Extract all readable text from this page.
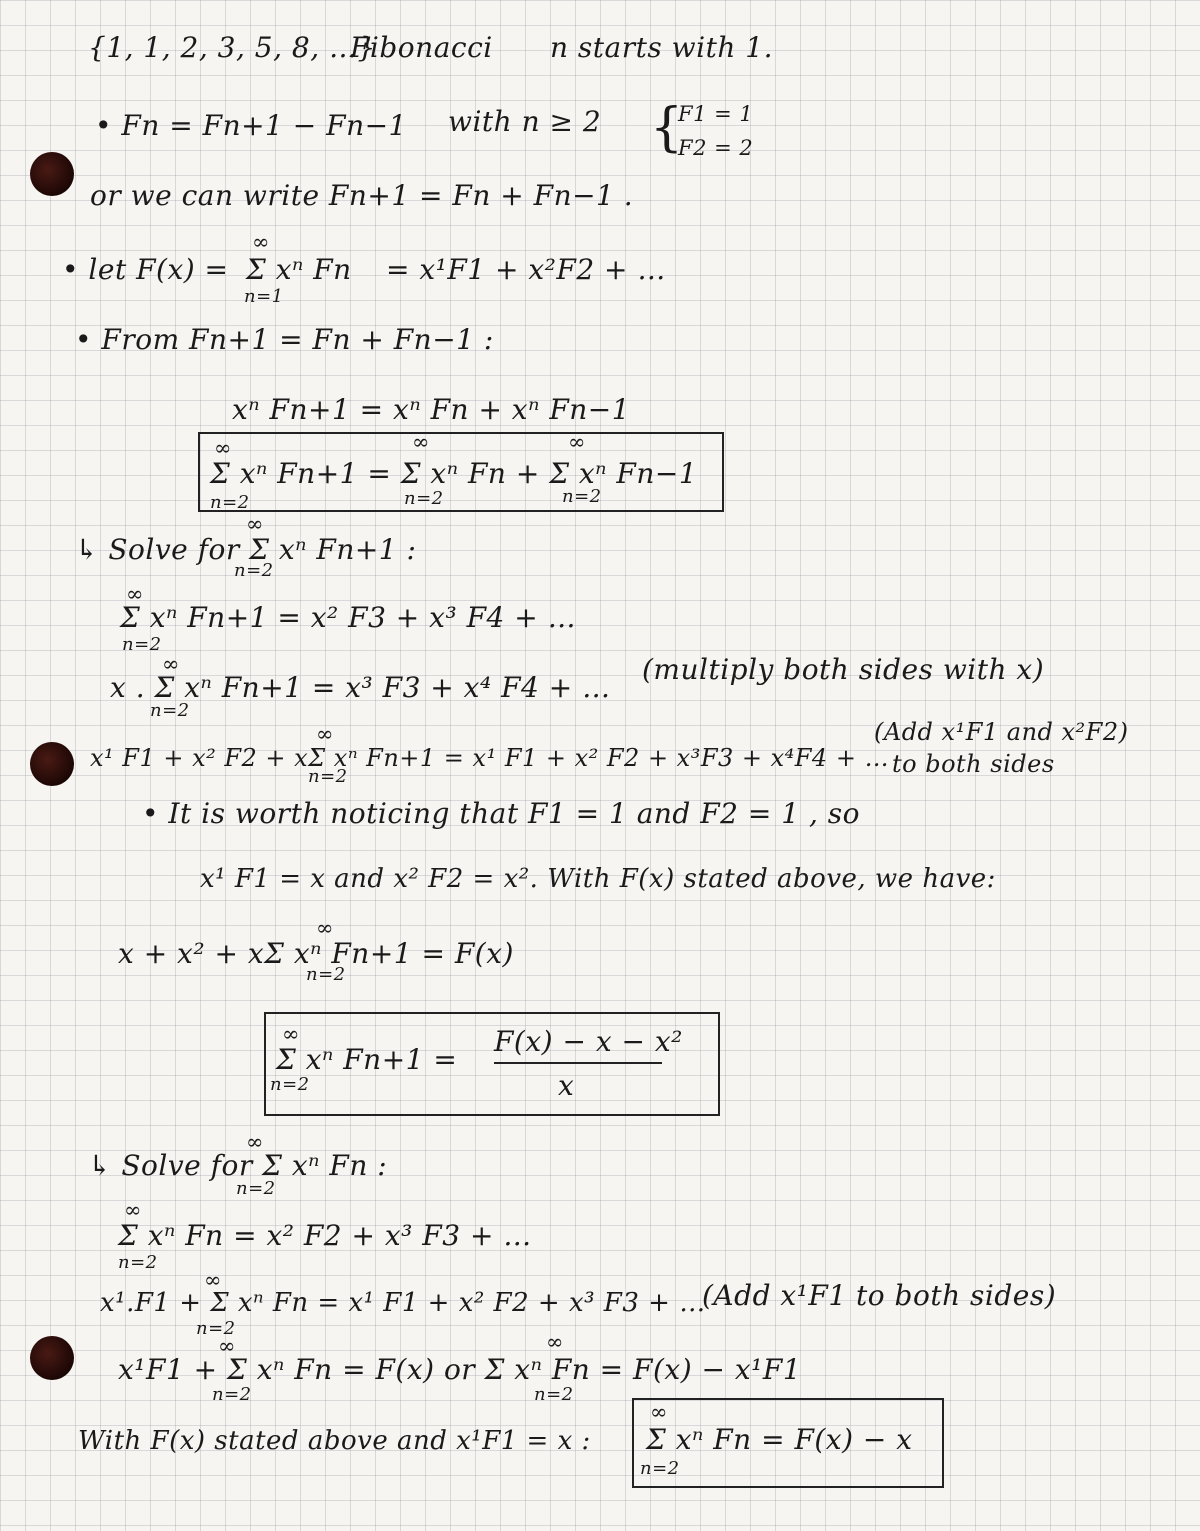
{1, 1, 2, 3, 5, 8, …}
Fibonacci n starts with 1.
• Fn = Fn+1 − Fn−1 with n ≥ 2 {
F1 = 1
F2 = 2
or we can write Fn+1 = Fn + Fn−1 .
• let F(x) =
∞
Σ xⁿ Fn
n=1
= x¹F1 + x²F2 + …
• From Fn+1 = Fn + Fn−1 :
xⁿ Fn+1 = xⁿ Fn + xⁿ Fn−1
∞	∞	∞
Σ xⁿ Fn+1 = Σ xⁿ Fn + Σ xⁿ Fn−1
n=2	n=2	n=2
∞
↳ Solve for Σ xⁿ Fn+1 :
n=2
∞
Σ xⁿ Fn+1 = x² F3 + x³ F4 + …
n=2
∞
x . Σ xⁿ Fn+1 = x³ F3 + x⁴ F4 + …
n=2
(multiply both sides with x)
∞
x¹ F1 + x² F2 + xΣ xⁿ Fn+1 = x¹ F1 + x² F2 + x³F3 + x⁴F4 + …
n=2
(Add x¹F1 and x²F2)
to both sides
• It is worth noticing that F1 = 1 and F2 = 1 , so
x¹ F1 = x and x² F2 = x². With F(x) stated above, we have:
∞
x + x² + xΣ xⁿ Fn+1 = F(x)
n=2
∞
Σ xⁿ Fn+1 =
n=2
F(x) − x − x²
x
∞
↳ Solve for Σ xⁿ Fn :
n=2
∞
Σ xⁿ Fn = x² F2 + x³ F3 + …
n=2
∞
x¹.F1 + Σ xⁿ Fn = x¹ F1 + x² F2 + x³ F3 + …
n=2
(Add x¹F1 to both sides)
∞
x¹F1 + Σ xⁿ Fn = F(x) or Σ xⁿ Fn = F(x) − x¹F1
∞
n=2	n=2
With F(x) stated above and x¹F1 = x :
∞
Σ xⁿ Fn = F(x) − x
n=2
